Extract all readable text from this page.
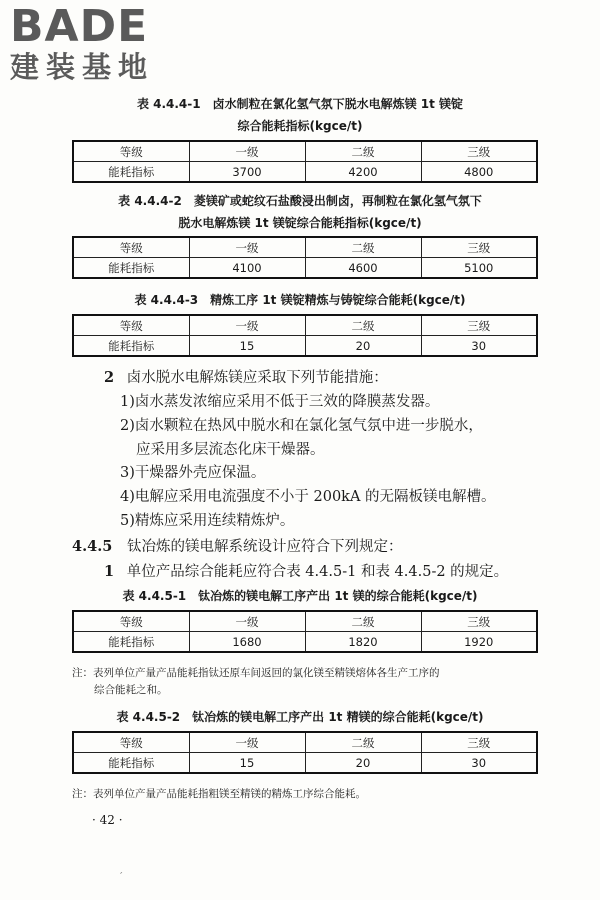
BADE
建装基地
表 4.4.4-1　卤水制粒在氯化氢气氛下脱水电解炼镁 1t 镁锭
综合能耗指标(kgce/t)
等级	一级	二级	三级
能耗指标	3700	4200	4800
表 4.4.4-2　菱镁矿或蛇纹石盐酸浸出制卤，再制粒在氯化氢气氛下
脱水电解炼镁 1t 镁锭综合能耗指标(kgce/t)
等级	一级	二级	三级
能耗指标	4100	4600	5100
表 4.4.4-3　精炼工序 1t 镁锭精炼与铸锭综合能耗(kgce/t)
等级	一级	二级	三级
能耗指标	15	20	30
2 卤水脱水电解炼镁应采取下列节能措施：
1)卤水蒸发浓缩应采用不低于三效的降膜蒸发器。
2)卤水颗粒在热风中脱水和在氯化氢气氛中进一步脱水，
应采用多层流态化床干燥器。
3)干燥器外壳应保温。
4)电解应采用电流强度不小于 200kA 的无隔板镁电解槽。
5)精炼应采用连续精炼炉。
4.4.5 钛冶炼的镁电解系统设计应符合下列规定：
1 单位产品综合能耗应符合表 4.4.5-1 和表 4.4.5-2 的规定。
表 4.4.5-1　钛冶炼的镁电解工序产出 1t 镁的综合能耗(kgce/t)
等级	一级	二级	三级
能耗指标	1680	1820	1920
注：表列单位产量产品能耗指钛还原车间返回的氯化镁至精镁熔体各生产工序的
综合能耗之和。
表 4.4.5-2　钛冶炼的镁电解工序产出 1t 精镁的综合能耗(kgce/t)
等级	一级	二级	三级
能耗指标	15	20	30
注：表列单位产量产品能耗指粗镁至精镁的精炼工序综合能耗。
· 42 ·
′
